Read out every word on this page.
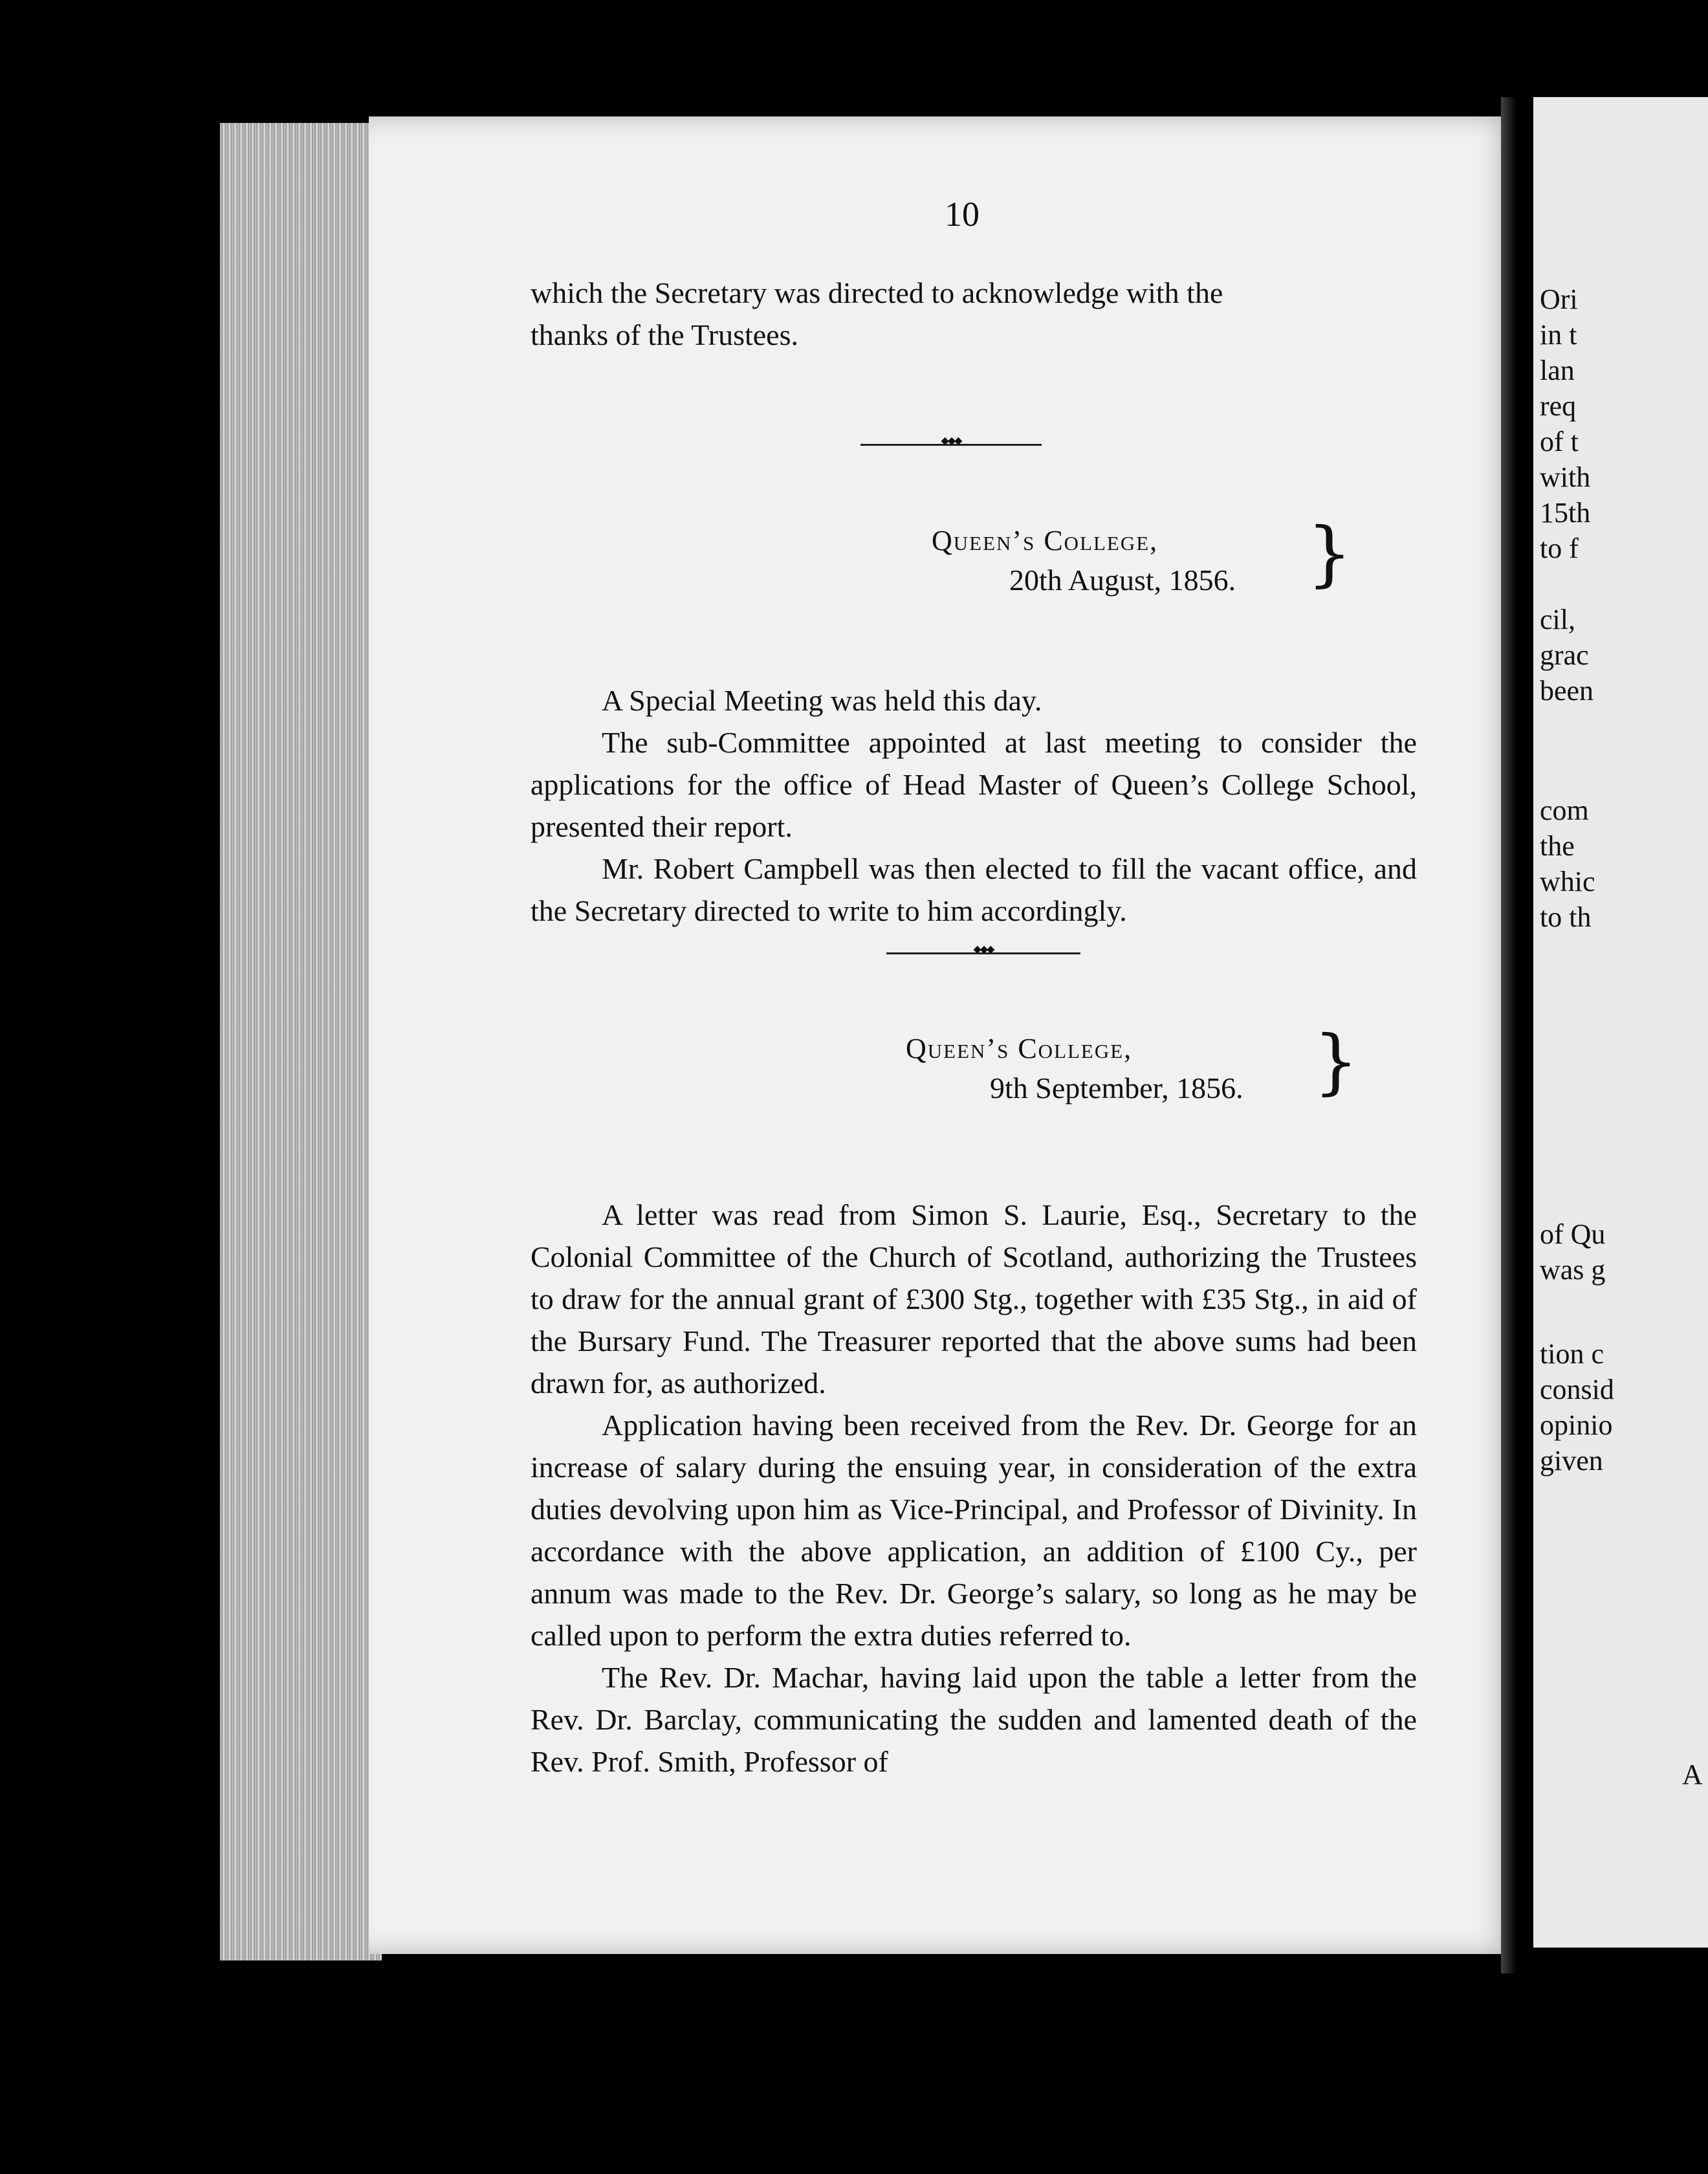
10

which the Secretary was directed to acknowledge with the

thanks of the Trustees.

◆◆◆
Queen’s College,
20th August, 1856. }

A Special Meeting was held this day.

The sub-Committee appointed at last meeting to consider the applications for the office of Head Master of Queen’s College School, presented their report.

Mr. Robert Campbell was then elected to fill the vacant office, and the Secretary directed to write to him accordingly.

◆◆◆
Queen’s College,
9th September, 1856. }

A letter was read from Simon S. Laurie, Esq., Secretary to the Colonial Committee of the Church of Scotland, authorizing the Trustees to draw for the annual grant of £300 Stg., together with £35 Stg., in aid of the Bursary Fund. The Treasurer reported that the above sums had been drawn for, as authorized.

Application having been received from the Rev. Dr. George for an increase of salary during the ensuing year, in consideration of the extra duties devolving upon him as Vice-Principal, and Professor of Divinity. In accordance with the above application, an addition of £100 Cy., per annum was made to the Rev. Dr. George’s salary, so long as he may be called upon to perform the extra duties referred to.

The Rev. Dr. Machar, having laid upon the table a letter from the Rev. Dr. Barclay, communicating the sudden and lamented death of the Rev. Prof. Smith, Professor of

Ori
in t
lan
req
of t
with
15th
to f
cil,
grac
been
com
the
whic
to th
of Qu
was g
tion c
consid
opinio
given
A
